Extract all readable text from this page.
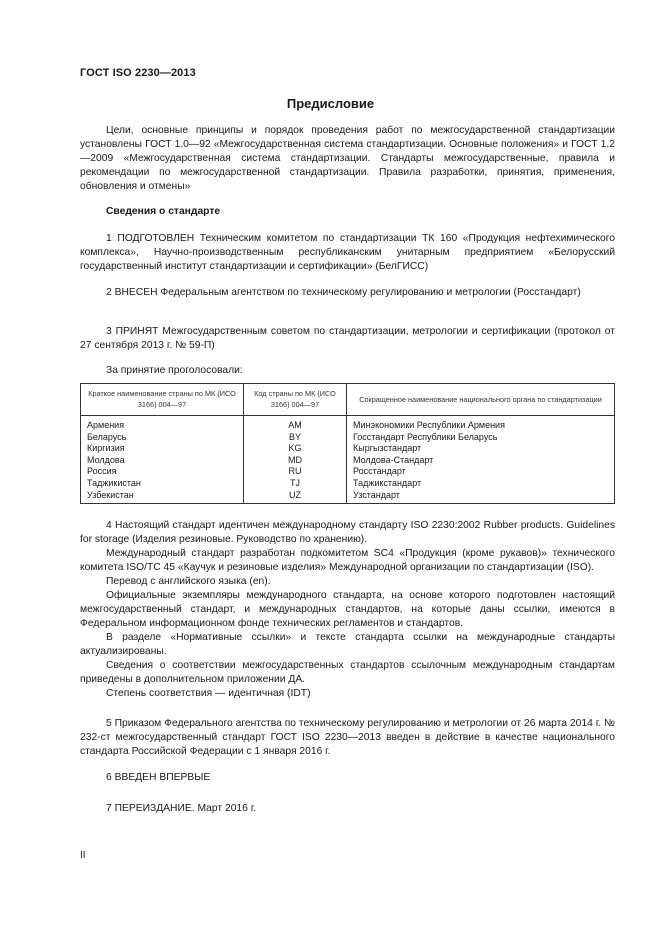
ГОСТ ISO 2230—2013
Предисловие

Цели, основные принципы и порядок проведения работ по межгосударственной стандартизации установлены ГОСТ 1.0—92 «Межгосударственная система стандартизации. Основные положения» и ГОСТ 1.2—2009 «Межгосударственная система стандартизации. Стандарты межгосударственные, правила и рекомендации по межгосударственной стандартизации. Правила разработки, принятия, применения, обновления и отмены»

Сведения о стандарте

1 ПОДГОТОВЛЕН Техническим комитетом по стандартизации ТК 160 «Продукция нефтехимического комплекса», Научно-производственным республиканским унитарным предприятием «Белорусский государственный институт стандартизации и сертификации» (БелГИСС)

2 ВНЕСЕН Федеральным агентством по техническому регулированию и метрологии (Росстандарт)

3 ПРИНЯТ Межгосударственным советом по стандартизации, метрологии и сертификации (протокол от 27 сентября 2013 г. № 59-П)

За принятие проголосовали:

Краткое наименование страны по МК (ИСО 3166) 004—97	Код страны по МК (ИСО 3166) 004—97	Сокращенное наименование национального органа по стандартизации
Армения	AM	Минэкономики Республики Армения
Беларусь	BY	Госстандарт Республики Беларусь
Киргизия	KG	Кыргызстандарт
Молдова	MD	Молдова-Стандарт
Россия	RU	Росстандарт
Таджикистан	TJ	Таджикстандарт
Узбекистан	UZ	Узстандарт

4 Настоящий стандарт идентичен международному стандарту ISO 2230:2002 Rubber products. Guidelines for storage (Изделия резиновые. Руководство по хранению).

Международный стандарт разработан подкомитетом SC4 «Продукция (кроме рукавов)» технического комитета ISO/TC 45 «Каучук и резиновые изделия» Международной организации по стандартизации (ISO).

Перевод с английского языка (en).

Официальные экземпляры международного стандарта, на основе которого подготовлен настоящий межгосударственный стандарт, и международных стандартов, на которые даны ссылки, имеются в Федеральном информационном фонде технических регламентов и стандартов.

В разделе «Нормативные ссылки» и тексте стандарта ссылки на международные стандарты актуализированы.

Сведения о соответствии межгосударственных стандартов ссылочным международным стандартам приведены в дополнительном приложении ДА.

Степень соответствия — идентичная (IDT)

5 Приказом Федерального агентства по техническому регулированию и метрологии от 26 марта 2014 г. № 232-ст межгосударственный стандарт ГОСТ ISO 2230—2013 введен в действие в качестве национального стандарта Российской Федерации с 1 января 2016 г.

6 ВВЕДЕН ВПЕРВЫЕ

7 ПЕРЕИЗДАНИЕ. Март 2016 г.

II
